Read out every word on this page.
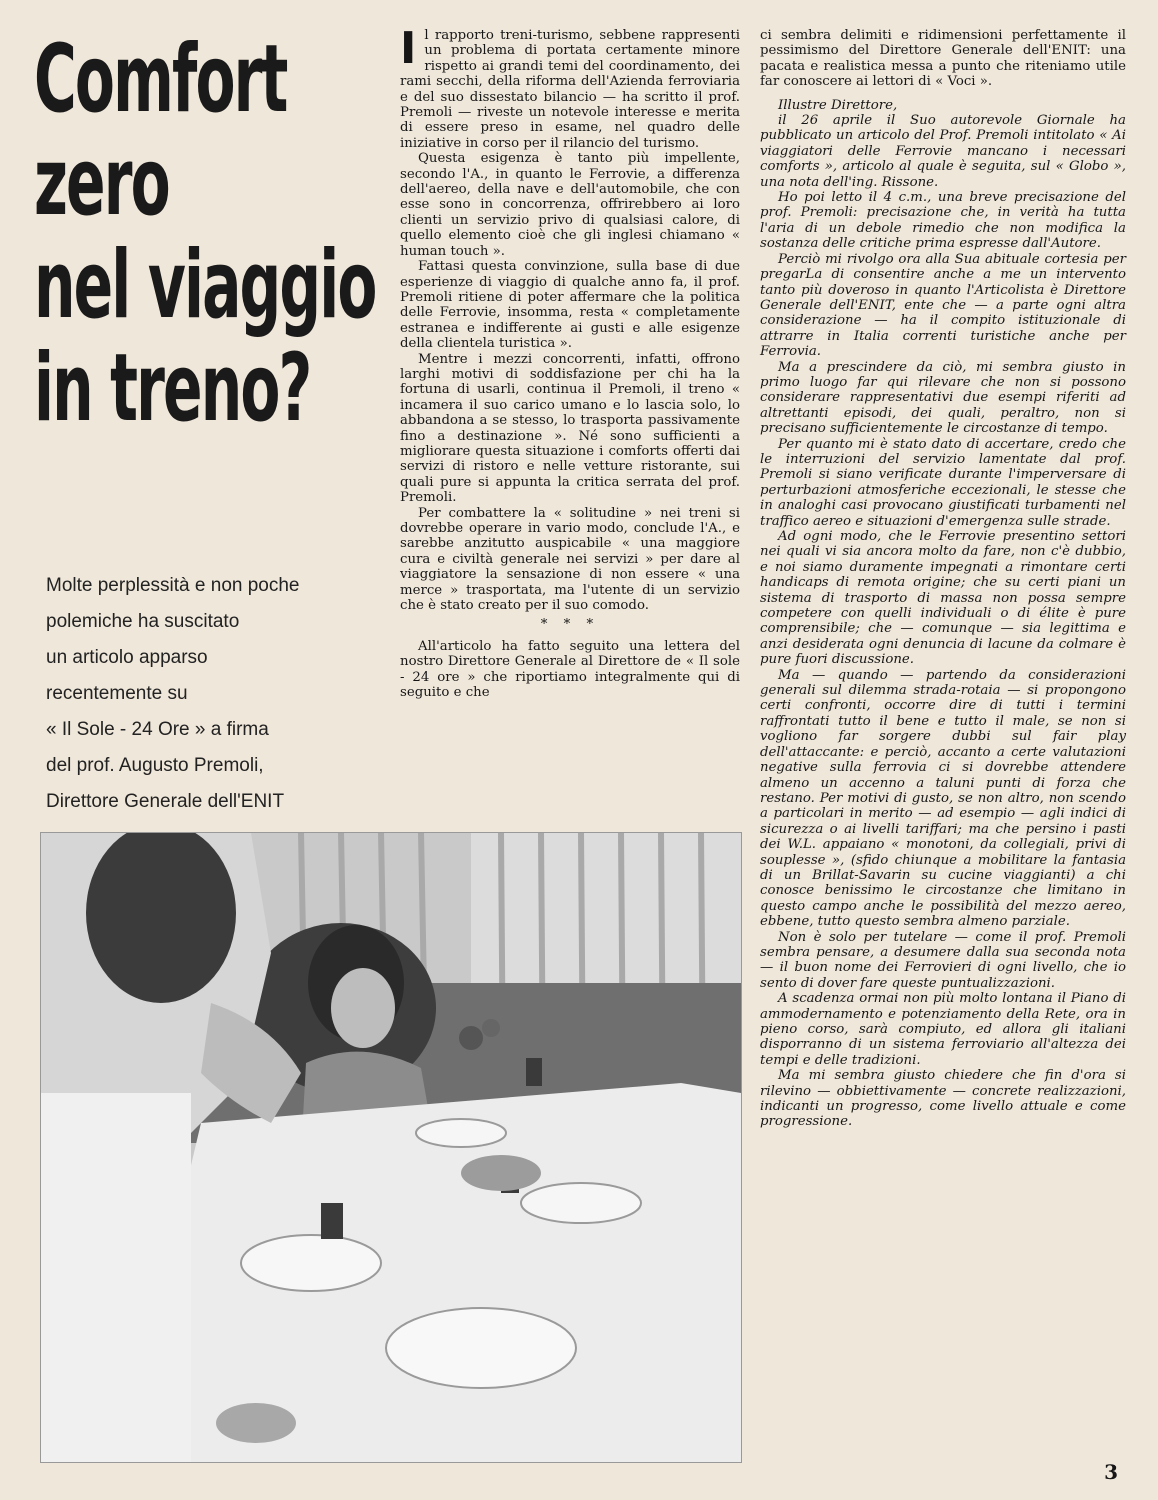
Comfort
zero
nel viaggio
in treno?
Molte perplessità e non poche
polemiche ha suscitato
un articolo apparso
recentemente su
« Il Sole - 24 Ore » a firma
del prof. Augusto Premoli,
Direttore Generale dell'ENIT
I l rapporto treni-turismo, sebbene rappresenti un problema di portata certamente minore rispetto ai grandi temi del coordinamento, dei rami secchi, della riforma dell'Azienda ferroviaria e del suo dissestato bilancio — ha scritto il prof. Premoli — riveste un notevole interesse e merita di essere preso in esame, nel quadro delle iniziative in corso per il rilancio del turismo.

Questa esigenza è tanto più impellente, secondo l'A., in quanto le Ferrovie, a differenza dell'aereo, della nave e dell'automobile, che con esse sono in concorrenza, offrirebbero ai loro clienti un servizio privo di qualsiasi calore, di quello elemento cioè che gli inglesi chiamano « human touch ».

Fattasi questa convinzione, sulla base di due esperienze di viaggio di qualche anno fa, il prof. Premoli ritiene di poter affermare che la politica delle Ferrovie, insomma, resta « completamente estranea e indifferente ai gusti e alle esigenze della clientela turistica ».

Mentre i mezzi concorrenti, infatti, offrono larghi motivi di soddisfazione per chi ha la fortuna di usarli, continua il Premoli, il treno « incamera il suo carico umano e lo lascia solo, lo abbandona a se stesso, lo trasporta passivamente fino a destinazione ». Né sono sufficienti a migliorare questa situazione i comforts offerti dai servizi di ristoro e nelle vetture ristorante, sui quali pure si appunta la critica serrata del prof. Premoli.

Per combattere la « solitudine » nei treni si dovrebbe operare in vario modo, conclude l'A., e sarebbe anzitutto auspicabile « una maggiore cura e civiltà generale nei servizi » per dare al viaggiatore la sensazione di non essere « una merce » trasportata, ma l'utente di un servizio che è stato creato per il suo comodo.

* * *

All'articolo ha fatto seguito una lettera del nostro Direttore Generale al Direttore de « Il sole - 24 ore » che riportiamo integralmente qui di seguito e che

ci sembra delimiti e ridimensioni perfettamente il pessimismo del Direttore Generale dell'ENIT: una pacata e realistica messa a punto che riteniamo utile far conoscere ai lettori di « Voci ».

Illustre Direttore,

il 26 aprile il Suo autorevole Giornale ha pubblicato un articolo del Prof. Premoli intitolato « Ai viaggiatori delle Ferrovie mancano i necessari comforts », articolo al quale è seguita, sul « Globo », una nota dell'ing. Rissone.

Ho poi letto il 4 c.m., una breve precisazione del prof. Premoli: precisazione che, in verità ha tutta l'aria di un debole rimedio che non modifica la sostanza delle critiche prima espresse dall'Autore.

Perciò mi rivolgo ora alla Sua abituale cortesia per pregarLa di consentire anche a me un intervento tanto più doveroso in quanto l'Articolista è Direttore Generale dell'ENIT, ente che — a parte ogni altra considerazione — ha il compito istituzionale di attrarre in Italia correnti turistiche anche per Ferrovia.

Ma a prescindere da ciò, mi sembra giusto in primo luogo far qui rilevare che non si possono considerare rappresentativi due esempi riferiti ad altrettanti episodi, dei quali, peraltro, non si precisano sufficientemente le circostanze di tempo.

Per quanto mi è stato dato di accertare, credo che le interruzioni del servizio lamentate dal prof. Premoli si siano verificate durante l'imperversare di perturbazioni atmosferiche eccezionali, le stesse che in analoghi casi provocano giustificati turbamenti nel traffico aereo e situazioni d'emergenza sulle strade.

Ad ogni modo, che le Ferrovie presentino settori nei quali vi sia ancora molto da fare, non c'è dubbio, e noi siamo duramente impegnati a rimontare certi handicaps di remota origine; che su certi piani un sistema di trasporto di massa non possa sempre competere con quelli individuali o di élite è pure comprensibile; che — comunque — sia legittima e anzi desiderata ogni denuncia di lacune da colmare è pure fuori discussione.

Ma — quando — partendo da considerazioni generali sul dilemma strada-rotaia — si propongono certi confronti, occorre dire di tutti i termini raffrontati tutto il bene e tutto il male, se non si vogliono far sorgere dubbi sul fair play dell'attaccante: e perciò, accanto a certe valutazioni negative sulla ferrovia ci si dovrebbe attendere almeno un accenno a taluni punti di forza che restano. Per motivi di gusto, se non altro, non scendo a particolari in merito — ad esempio — agli indici di sicurezza o ai livelli tariffari; ma che persino i pasti dei W.L. appaiano « monotoni, da collegiali, privi di souplesse », (sfido chiunque a mobilitare la fantasia di un Brillat-Savarin su cucine viaggianti) a chi conosce benissimo le circostanze che limitano in questo campo anche le possibilità del mezzo aereo, ebbene, tutto questo sembra almeno parziale.

Non è solo per tutelare — come il prof. Premoli sembra pensare, a desumere dalla sua seconda nota — il buon nome dei Ferrovieri di ogni livello, che io sento di dover fare queste puntualizzazioni.

A scadenza ormai non più molto lontana il Piano di ammodernamento e potenziamento della Rete, ora in pieno corso, sarà compiuto, ed allora gli italiani disporranno di un sistema ferroviario all'altezza dei tempi e delle tradizioni.

Ma mi sembra giusto chiedere che fin d'ora si rilevino — obbiettivamente — concrete realizzazioni, indicanti un progresso, come livello attuale e come progressione.

3
